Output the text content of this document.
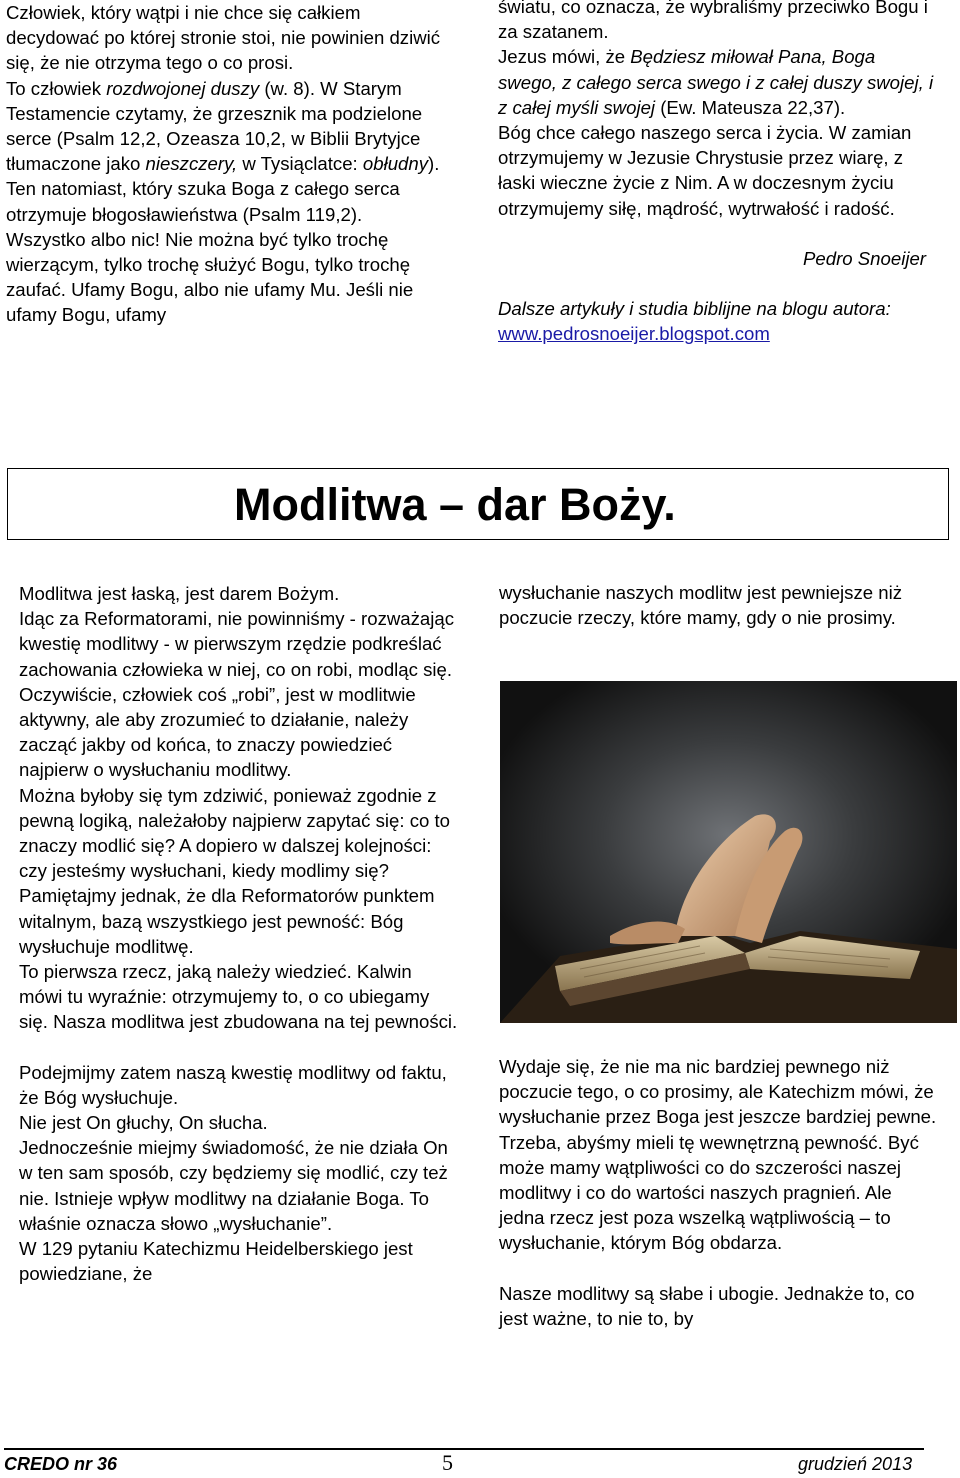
Człowiek, który wątpi i nie chce się całkiem decydować po której stronie stoi, nie powinien dziwić się, że nie otrzyma tego o co prosi.

To człowiek rozdwojonej duszy (w. 8). W Starym Testamencie czytamy, że grzesznik ma podzielone serce (Psalm 12,2, Ozeasza 10,2, w Biblii Brytyjce tłumaczone jako nieszczery, w Tysiąclatce: obłudny). Ten natomiast, który szuka Boga z całego serca otrzymuje błogosławieństwa (Psalm 119,2). Wszystko albo nic! Nie można być tylko trochę wierzącym, tylko trochę służyć Bogu, tylko trochę zaufać. Ufamy Bogu, albo nie ufamy Mu. Jeśli nie ufamy Bogu, ufamy

światu, co oznacza, że wybraliśmy przeciwko Bogu i za szatanem.

Jezus mówi, że Będziesz miłował Pana, Boga swego, z całego serca swego i z całej duszy swojej, i z całej myśli swojej (Ew. Mateusza 22,37).

Bóg chce całego naszego serca i życia. W zamian otrzymujemy w Jezusie Chrystusie przez wiarę, z łaski wieczne życie z Nim. A w doczesnym życiu otrzymujemy siłę, mądrość, wytrwałość i radość.

Pedro Snoeijer

Dalsze artykuły i studia biblijne na blogu autora:

www.pedrosnoeijer.blogspot.com

Modlitwa – dar Boży.

Modlitwa jest łaską, jest darem Bożym.

Idąc za Reformatorami, nie powinniśmy - rozważając kwestię modlitwy - w pierwszym rzędzie podkreślać zachowania człowieka w niej, co on robi, modląc się.

Oczywiście, człowiek coś „robi”, jest w modlitwie aktywny, ale aby zrozumieć to działanie, należy zacząć jakby od końca, to znaczy powiedzieć najpierw o wysłuchaniu modlitwy.

Można byłoby się tym zdziwić, ponieważ zgodnie z pewną logiką, należałoby najpierw zapytać się: co to znaczy modlić się? A dopiero w dalszej kolejności: czy jesteśmy wysłuchani, kiedy modlimy się?

Pamiętajmy jednak, że dla Reformatorów punktem witalnym, bazą wszystkiego jest pewność: Bóg wysłuchuje modlitwę.

To pierwsza rzecz, jaką należy wiedzieć. Kalwin mówi tu wyraźnie: otrzymujemy to, o co ubiegamy się. Nasza modlitwa jest zbudowana na tej pewności.

Podejmijmy zatem naszą kwestię modlitwy od faktu, że Bóg wysłuchuje.

Nie jest On głuchy, On słucha.

Jednocześnie miejmy świadomość, że nie działa On w ten sam sposób, czy będziemy się modlić, czy też nie. Istnieje wpływ modlitwy na działanie Boga. To właśnie oznacza słowo „wysłuchanie”.

W 129 pytaniu Katechizmu Heidelberskiego jest powiedziane, że

wysłuchanie naszych modlitw jest pewniejsze niż poczucie rzeczy, które mamy, gdy o nie prosimy.

Wydaje się, że nie ma nic bardziej pewnego niż poczucie tego, o co prosimy, ale Katechizm mówi, że wysłuchanie przez Boga jest jeszcze bardziej pewne.

Trzeba, abyśmy mieli tę wewnętrzną pewność. Być może mamy wątpliwości co do szczerości naszej modlitwy i co do wartości naszych pragnień. Ale jedna rzecz jest poza wszelką wątpliwością – to wysłuchanie, którym Bóg obdarza.

Nasze modlitwy są słabe i ubogie. Jednakże to, co jest ważne, to nie to, by

CREDO nr 36	5	grudzień 2013
